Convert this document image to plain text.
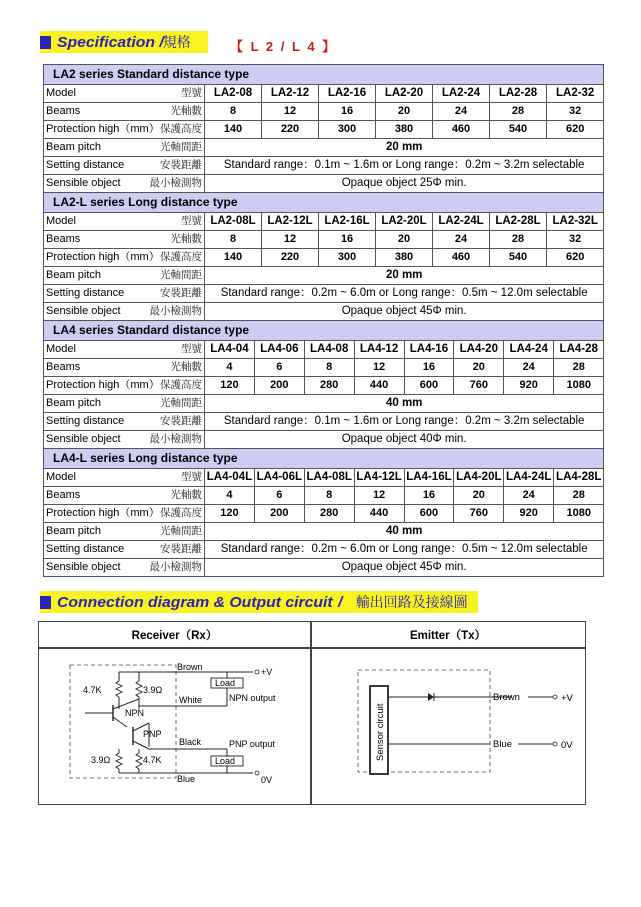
Specification /
規格	【 L 2 / L 4 】
LA2 series Standard distance type														
Model 型號	LA2-08		LA2-12		LA2-16		LA2-20		LA2-24		LA2-28		LA2-32	
Beams 光軸數	8		12		16		20		24		28		32	
Protection high（mm） 保護高度	140		220		300		380		460		540		620	
Beam pitch 光軸間距	20 mm													
Setting distance 安裝距離	Standard range：0.1m ~ 1.6m or Long range：0.2m ~ 3.2m selectable													
Sensible object 最小檢測物	Opaque object 25Φ min.													
LA2-L series Long distance type														
Model 型號	LA2-08L		LA2-12L		LA2-16L		LA2-20L		LA2-24L		LA2-28L		LA2-32L	
Beams 光軸數	8		12		16		20		24		28		32	
Protection high（mm） 保護高度	140		220		300		380		460		540		620	
Beam pitch 光軸間距	20 mm													
Setting distance 安裝距離	Standard range：0.2m ~ 6.0m or Long range：0.5m ~ 12.0m selectable													
Sensible object 最小檢測物	Opaque object 45Φ min.													
LA4 series Standard distance type														
Model 型號	LA4-04	LA4-06		LA4-08		LA4-12		LA4-16		LA4-20		LA4-24		LA4-28
Beams 光軸數	4	6		8		12		16		20		24		28
Protection high（mm） 保護高度	120	200		280		440		600		760		920		1080
Beam pitch 光軸間距	40 mm													
Setting distance 安裝距離	Standard range：0.1m ~ 1.6m or Long range：0.2m ~ 3.2m selectable													
Sensible object 最小檢測物	Opaque object 40Φ min.													
LA4-L series Long distance type														
Model 型號	LA4-04L	LA4-06L		LA4-08L		LA4-12L		LA4-16L		LA4-20L		LA4-24L		LA4-28L
Beams 光軸數	4	6		8		12		16		20		24		28
Protection high（mm） 保護高度	120	200		280		440		600		760		920		1080
Beam pitch 光軸間距	40 mm													
Setting distance 安裝距離	Standard range：0.2m ~ 6.0m or Long range：0.5m ~ 12.0m selectable													
Sensible object 最小檢測物	Opaque object 45Φ min.													
Connection diagram & Output circuit / 輸出回路及接線圖
Receiver（Rx）	Emitter（Tx）
Brown	+V
4.7K	3.9Ω
NPN
White
Load
NPN output
PNP
Black
Load
PNP output
3.9Ω	4.7K
Blue	0V
Sensor circuit
Brown	+V
Blue	0V
